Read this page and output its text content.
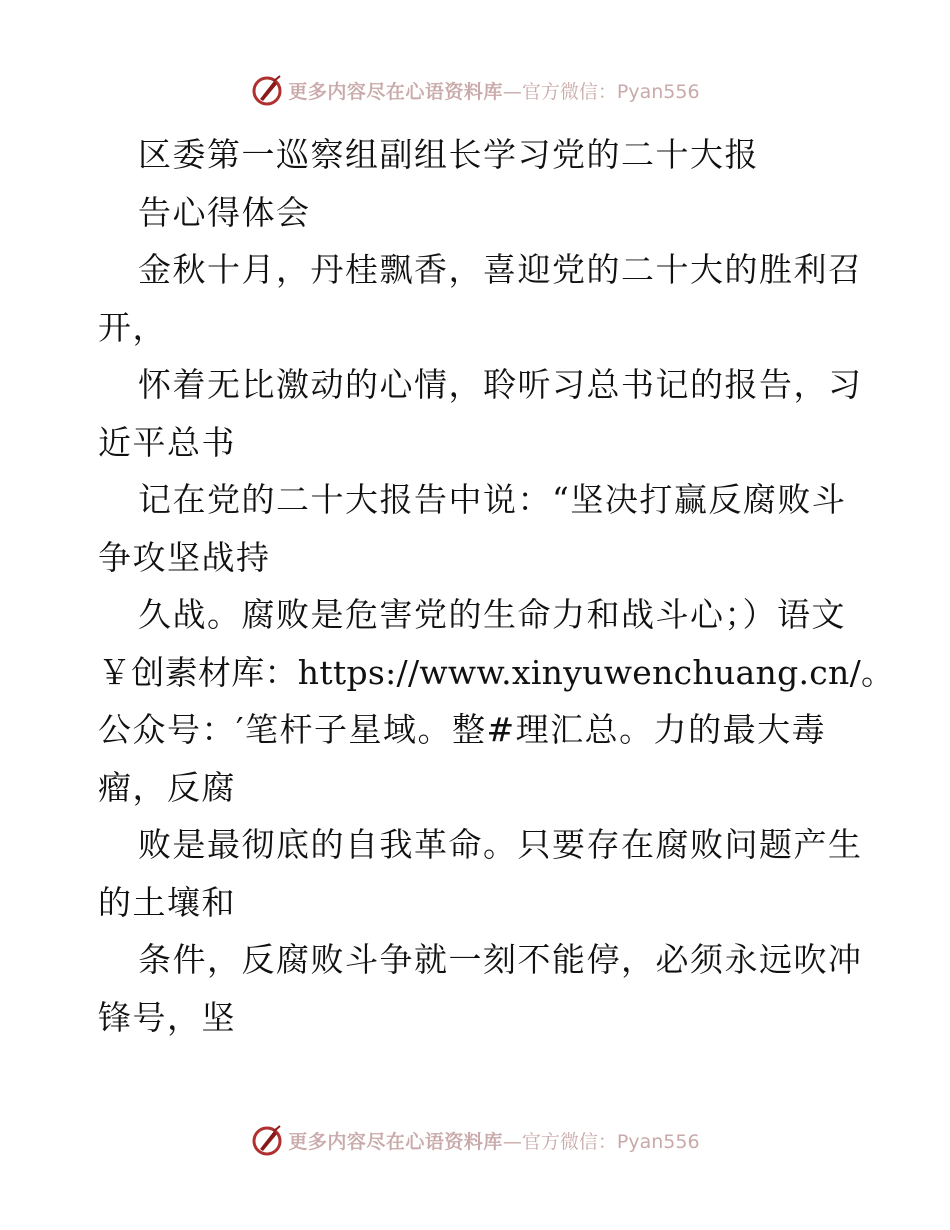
更多内容尽在心语资料库 —官方微信：Pyan556
区委第一巡察组副组长学习党的二十大报
告心得体会
金秋十月，丹桂飘香，喜迎党的二十大的胜利召
开，
怀着无比激动的心情，聆听习总书记的报告，习
近平总书
记在党的二十大报告中说：“坚决打赢反腐败斗
争攻坚战持
久战。腐败是危害党的生命力和战斗心；）语文
￥创素材库：https://www.xinyuwenchuang.cn/。
公众号：′笔杆子星域。整#理汇总。力的最大毒
瘤，反腐
败是最彻底的自我革命。只要存在腐败问题产生
的土壤和
条件，反腐败斗争就一刻不能停，必须永远吹冲
锋号，坚
更多内容尽在心语资料库 —官方微信：Pyan556
